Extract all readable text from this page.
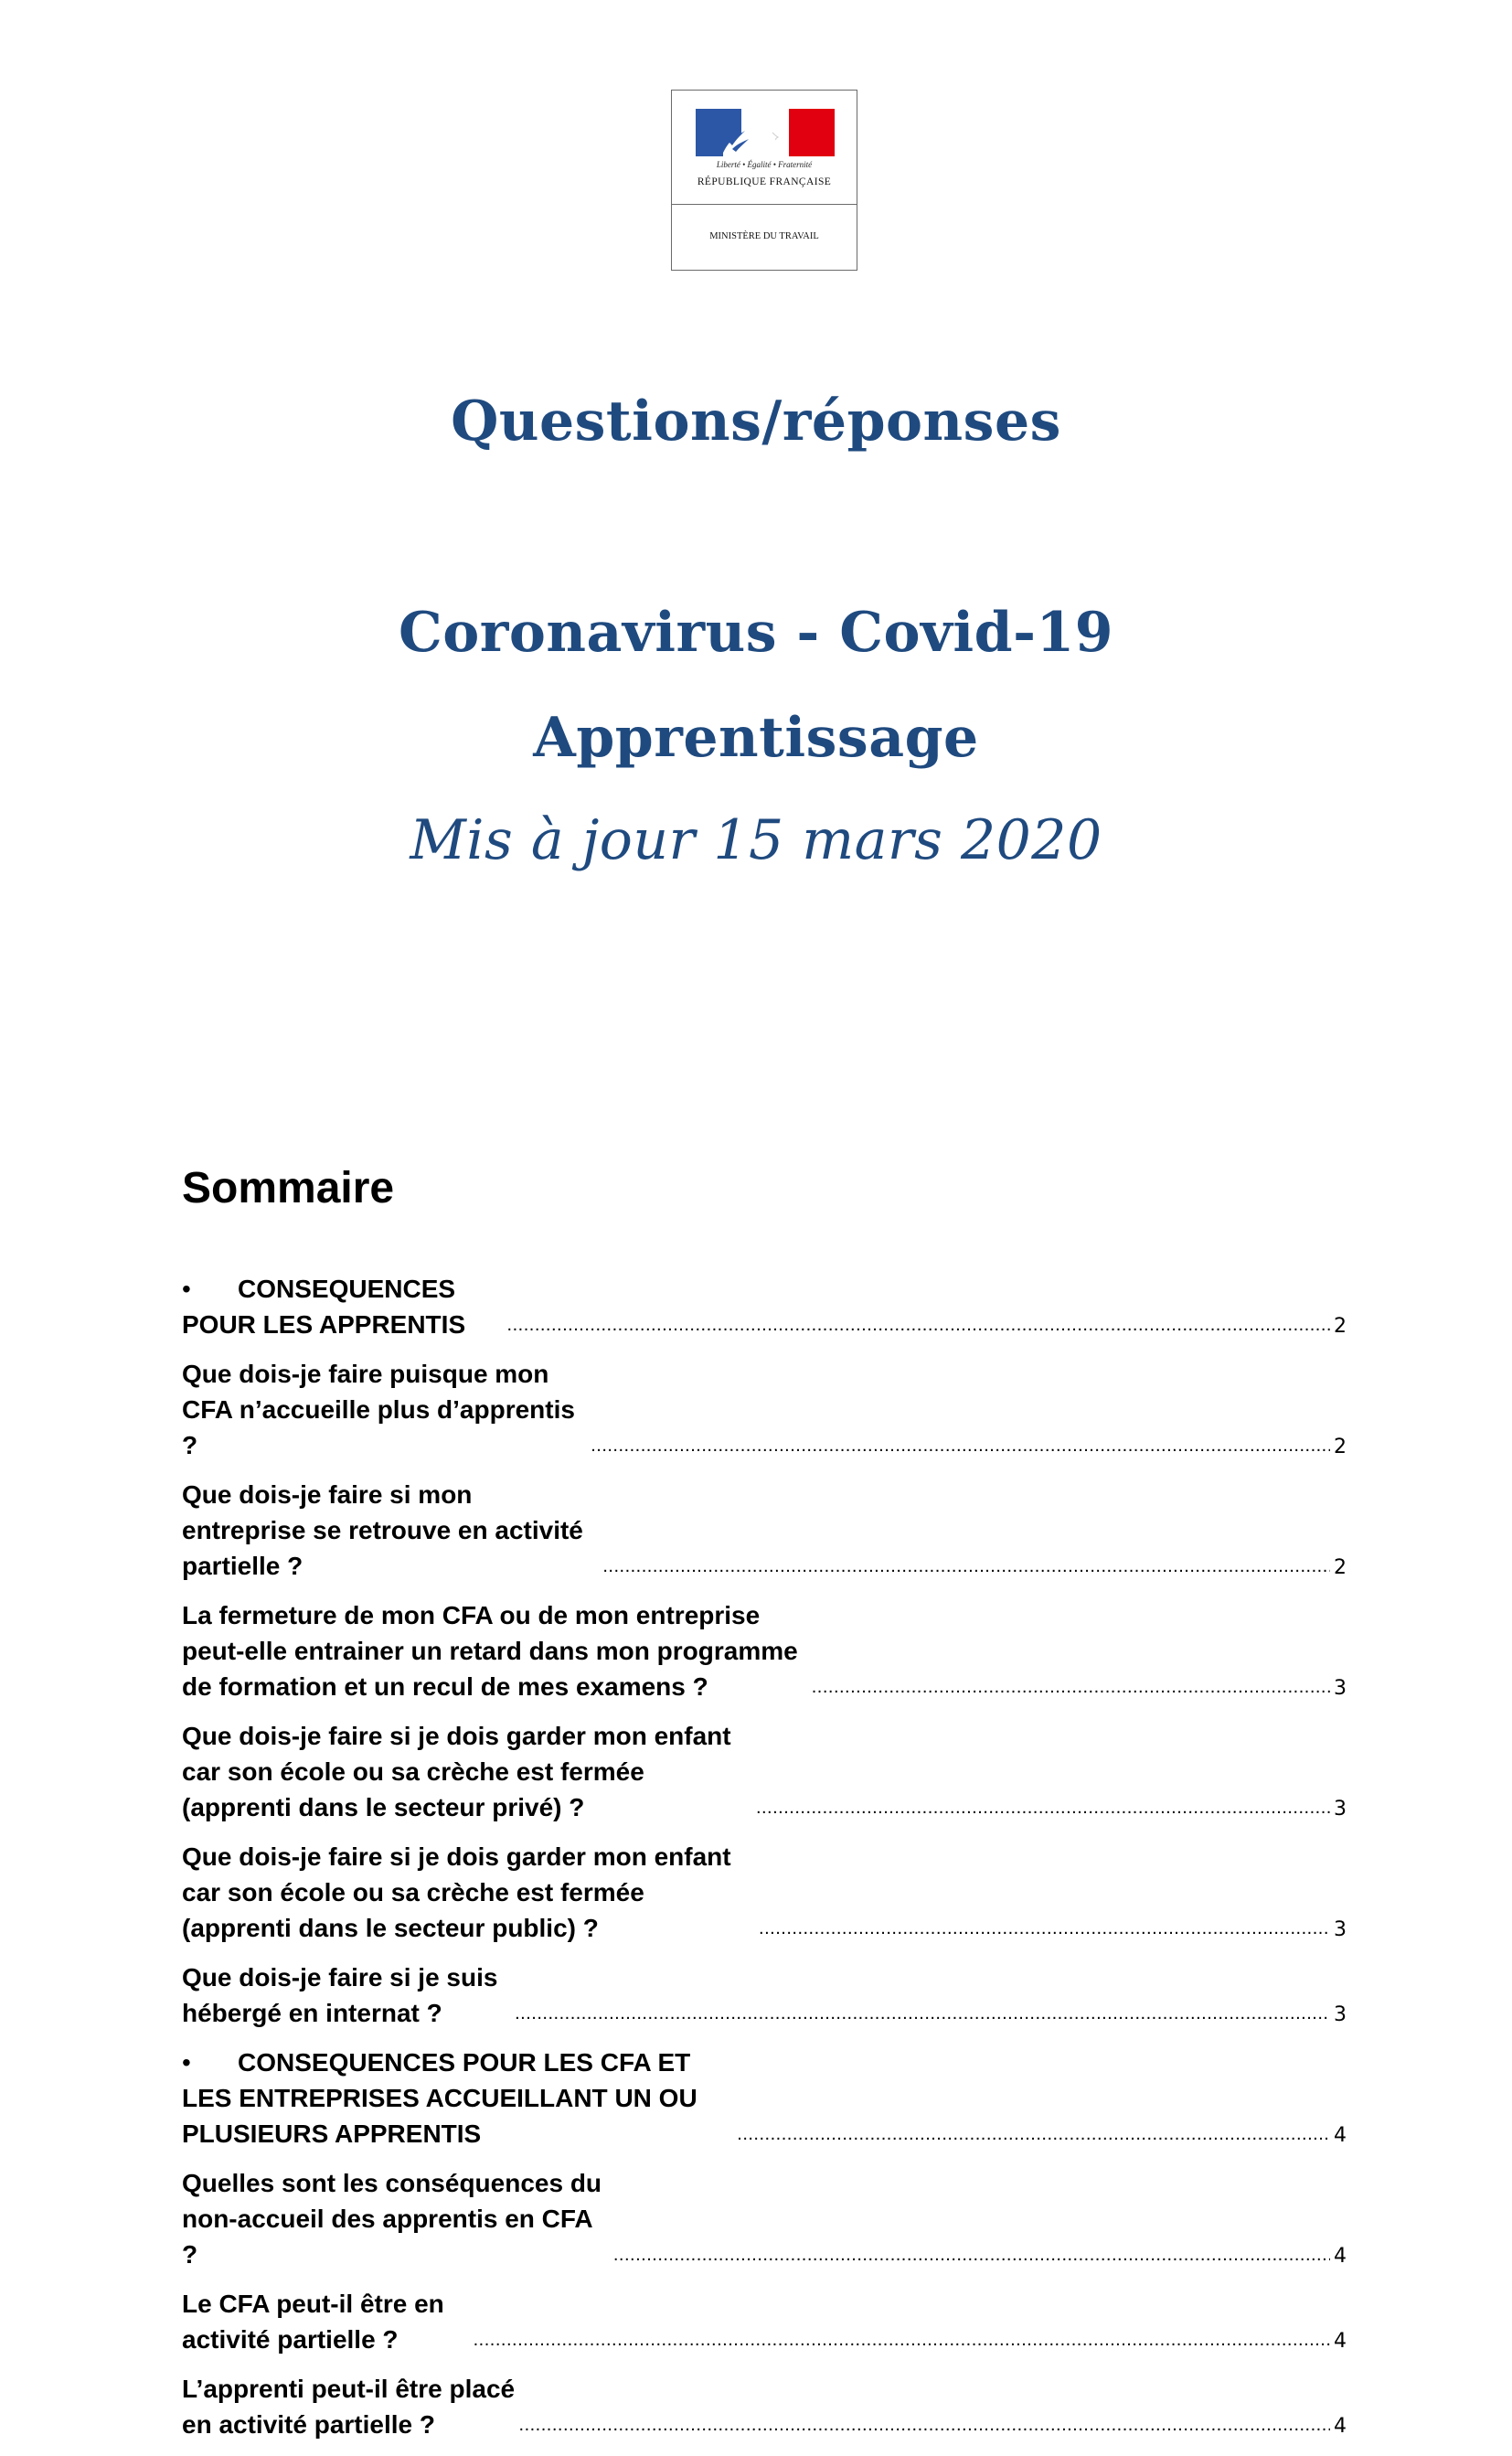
Liberté • Égalité • Fraternité
RÉPUBLIQUE FRANÇAISE
MINISTÈRE DU TRAVAIL
Questions/réponses
Coronavirus - Covid-19
Apprentissage
Mis à jour 15 mars 2020
Sommaire
• CONSEQUENCES POUR LES APPRENTIS .....	2
Que dois-je faire puisque mon CFA n’accueille plus d’apprentis ? .....	2
Que dois-je faire si mon entreprise se retrouve en activité partielle ? .....	2
La fermeture de mon CFA ou de mon entreprise peut-elle entrainer un retard dans mon programme de formation et un recul de mes examens ? .....	3
Que dois-je faire si je dois garder mon enfant car son école ou sa crèche est fermée (apprenti dans le secteur privé) ? .....	3
Que dois-je faire si je dois garder mon enfant car son école ou sa crèche est fermée (apprenti dans le secteur public) ? .....	3
Que dois-je faire si je suis hébergé en internat ? .....	3
• CONSEQUENCES POUR LES CFA ET LES ENTREPRISES ACCUEILLANT UN OU PLUSIEURS APPRENTIS .....	4
Quelles sont les conséquences du non-accueil des apprentis en CFA ? .....	4
Le CFA peut-il être en activité partielle ? .....	4
L’apprenti peut-il être placé en activité partielle ? .....	4
